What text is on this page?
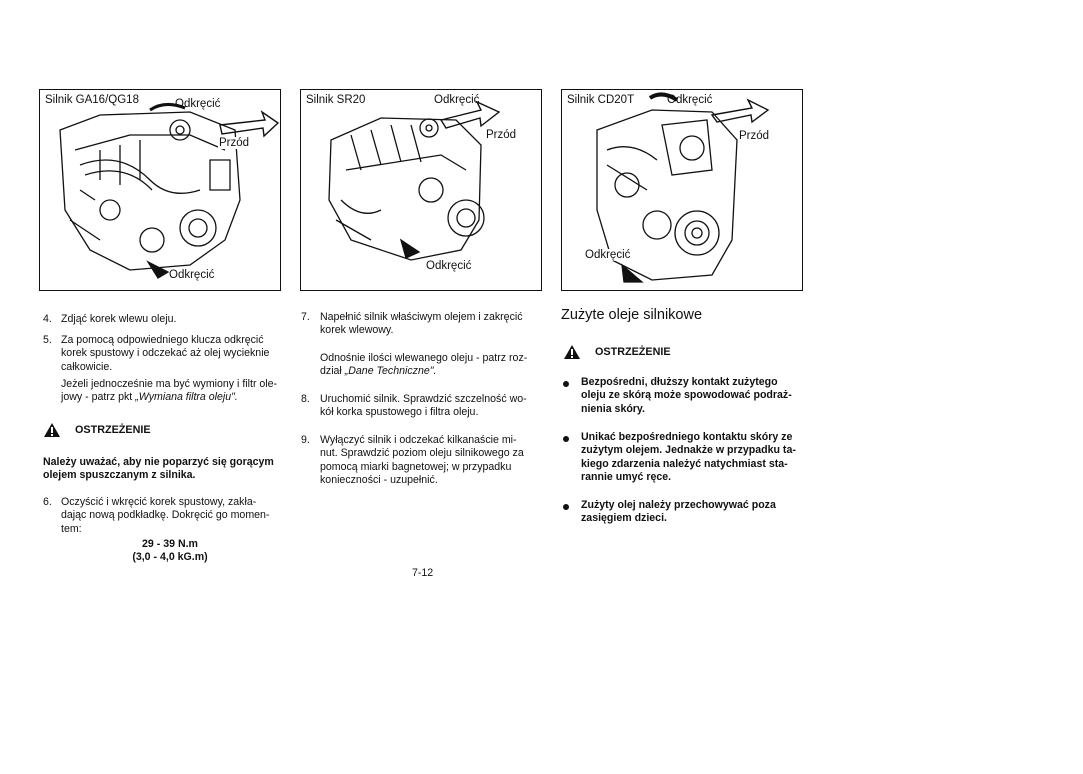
Silnik GA16/QG18	Odkręcić
Przód
Odkręcić
Silnik SR20	Odkręcić
Przód
Odkręcić
Silnik CD20T	Odkręcić
Przód
Odkręcić
4. Zdjąć korek wlewu oleju.
5. Za pomocą odpowiedniego klucza odkręcić
korek spustowy i odczekać aż olej wycieknie
całkowicie.
Jeżeli jednocześnie ma być wymiony i filtr ole-
jowy - patrz pkt „Wymiana filtra oleju".
OSTRZEŻENIE
Należy uważać, aby nie poparzyć się gorącym
olejem spuszczanym z silnika.
6. Oczyścić i wkręcić korek spustowy, zakła-
dając nową podkładkę. Dokręcić go momen-
tem:
29 - 39 N.m
(3,0 - 4,0 kG.m)
7. Napełnić silnik właściwym olejem i zakręcić
korek wlewowy.
Odnośnie ilości wlewanego oleju - patrz roz-
dział „Dane Techniczne".
8. Uruchomić silnik. Sprawdzić szczelność wo-
kół korka spustowego i filtra oleju.
9. Wyłączyć silnik i odczekać kilkanaście mi-
nut. Sprawdzić poziom oleju silnikowego za
pomocą miarki bagnetowej; w przypadku
konieczności - uzupełnić.
Zużyte oleje silnikowe
OSTRZEŻENIE
Bezpośredni, dłuższy kontakt zużytego
oleju ze skórą może spowodować podraż-
nienia skóry.
Unikać bezpośredniego kontaktu skóry ze
zużytym olejem. Jednakże w przypadku ta-
kiego zdarzenia należyć natychmiast sta-
rannie umyć ręce.
Zużyty olej należy przechowywać poza
zasięgiem dzieci.
7-12
